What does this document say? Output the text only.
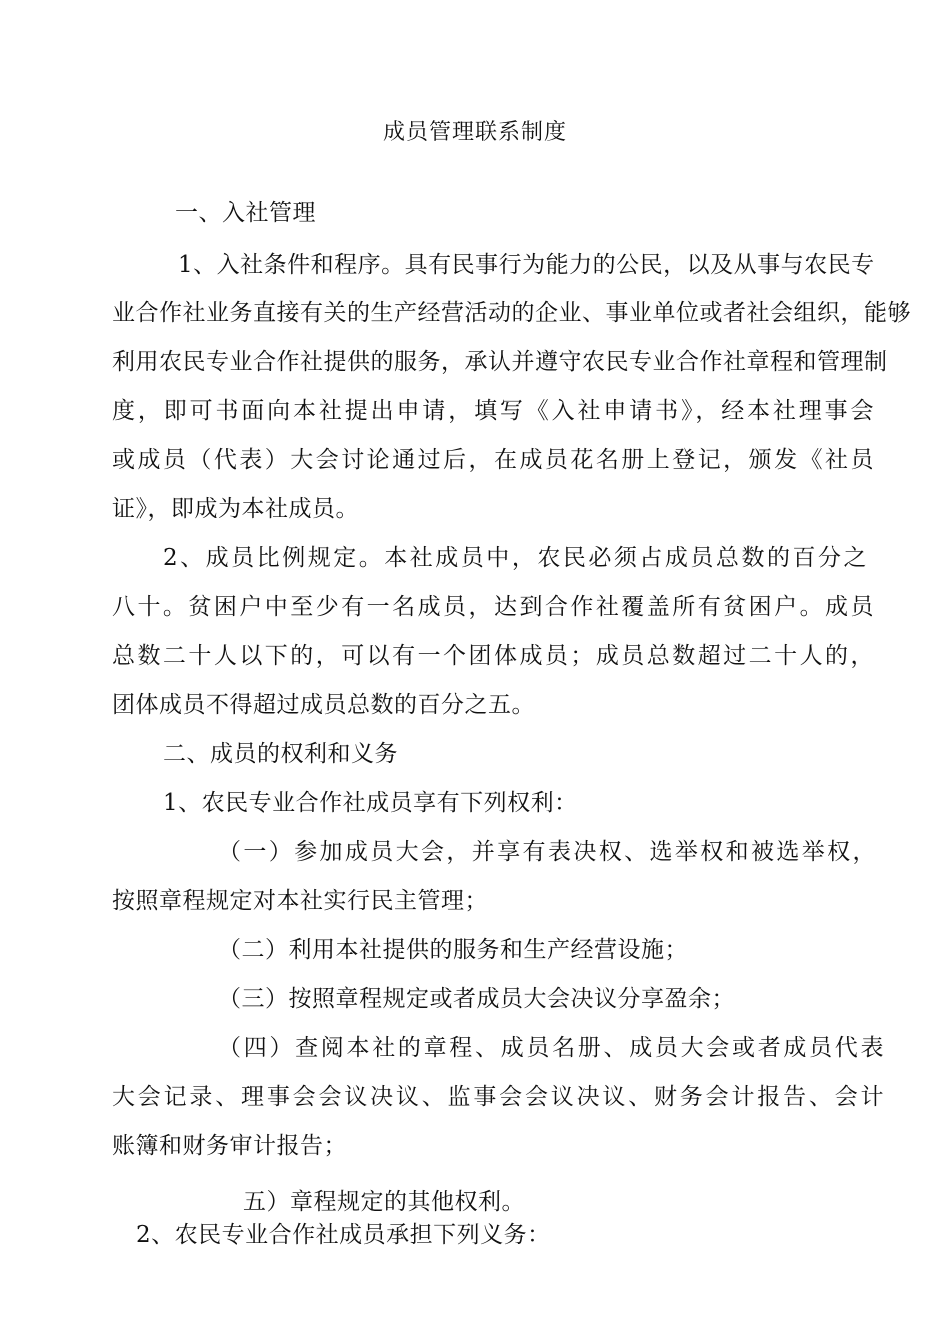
成员管理联系制度
一、入社管理
1、入社条件和程序。具有民事行为能力的公民，以及从事与农民专
业合作社业务直接有关的生产经营活动的企业、事业单位或者社会组织，能够
利用农民专业合作社提供的服务，承认并遵守农民专业合作社章程和管理制
度，即可书面向本社提出申请，填写《入社申请书》，经本社理事会
或成员（代表）大会讨论通过后，在成员花名册上登记，颁发《社员
证》，即成为本社成员。
2、成员比例规定。本社成员中，农民必须占成员总数的百分之
八十。贫困户中至少有一名成员，达到合作社覆盖所有贫困户。成员
总数二十人以下的，可以有一个团体成员；成员总数超过二十人的，
团体成员不得超过成员总数的百分之五。
二、成员的权利和义务
1、农民专业合作社成员享有下列权利：
（一）参加成员大会，并享有表决权、选举权和被选举权，
按照章程规定对本社实行民主管理；
（二）利用本社提供的服务和生产经营设施；
（三）按照章程规定或者成员大会决议分享盈余；
（四）查阅本社的章程、成员名册、成员大会或者成员代表
大会记录、理事会会议决议、监事会会议决议、财务会计报告、会计
账簿和财务审计报告；
五）章程规定的其他权利。
2、农民专业合作社成员承担下列义务：
